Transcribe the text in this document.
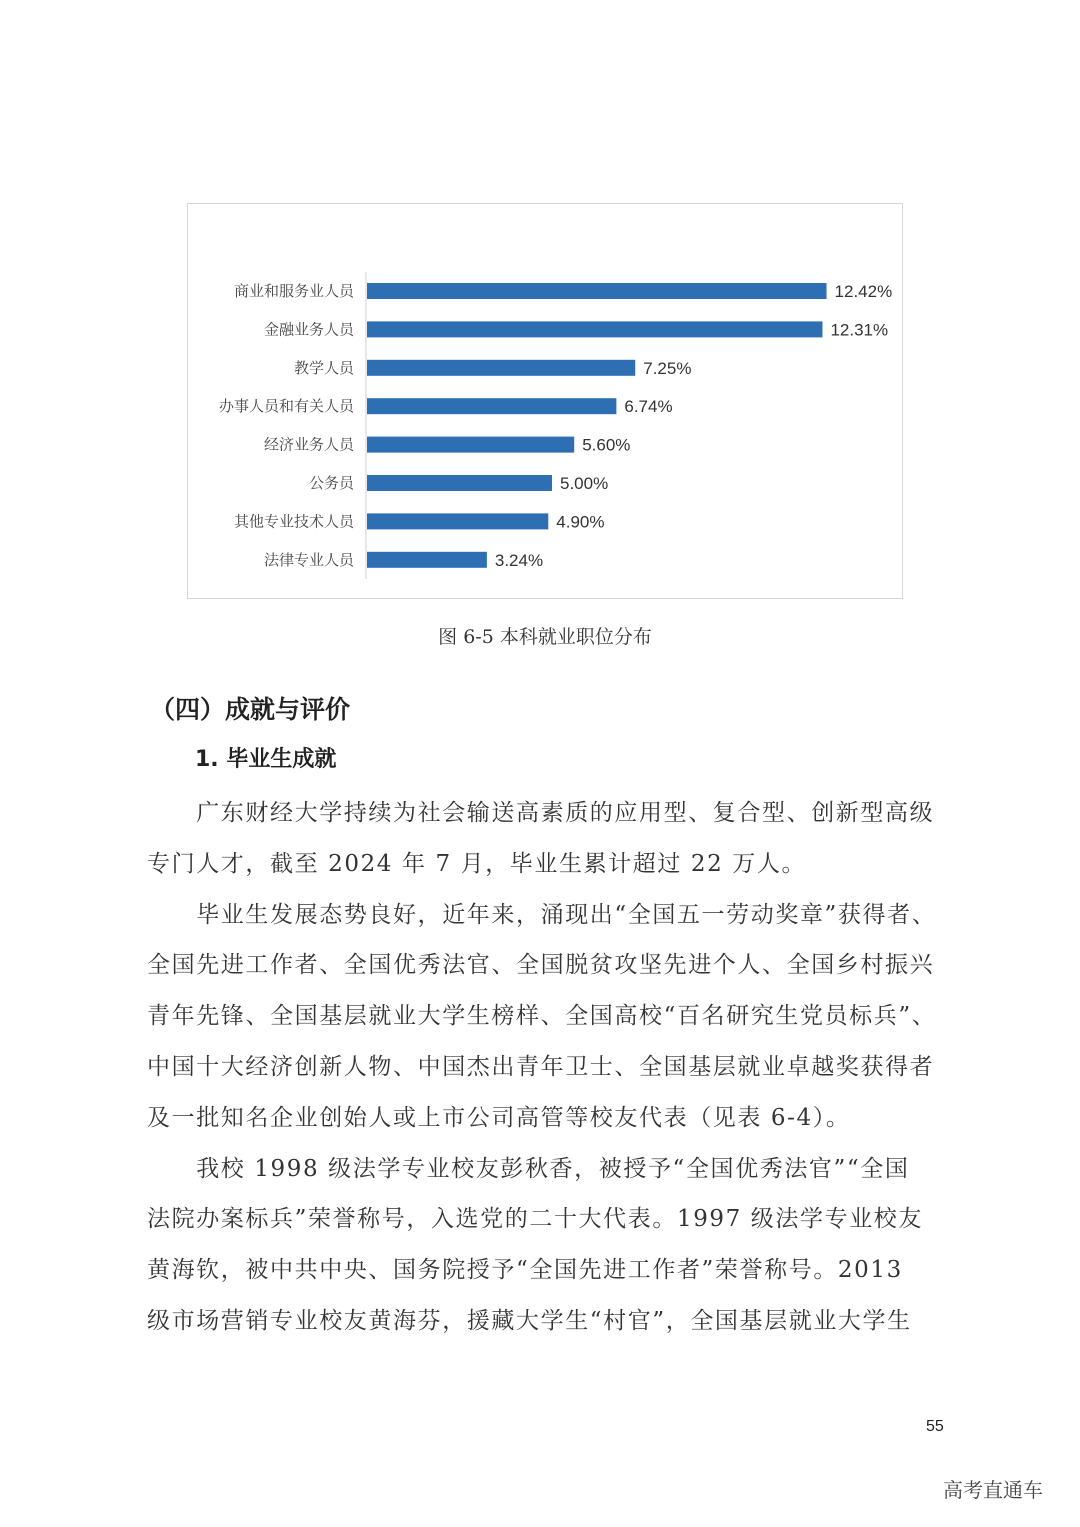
商业和服务业人员	12.42%
金融业务人员	12.31%
教学人员	7.25%
办事人员和有关人员	6.74%
经济业务人员	5.60%
公务员	5.00%
其他专业技术人员	4.90%
法律专业人员	3.24%
图 6-5 本科就业职位分布
（四）成就与评价
1. 毕业生成就
　　广东财经大学持续为社会输送高素质的应用型、复合型、创新型高级
专门人才，截至 2024 年 7 月，毕业生累计超过 22 万人。
　　毕业生发展态势良好，近年来，涌现出“全国五一劳动奖章”获得者、
全国先进工作者、全国优秀法官、全国脱贫攻坚先进个人、全国乡村振兴
青年先锋、全国基层就业大学生榜样、全国高校“百名研究生党员标兵”、
中国十大经济创新人物、中国杰出青年卫士、全国基层就业卓越奖获得者
及一批知名企业创始人或上市公司高管等校友代表（见表 6-4）。
　　我校 1998 级法学专业校友彭秋香，被授予“全国优秀法官”“全国
法院办案标兵”荣誉称号，入选党的二十大代表。1997 级法学专业校友
黄海钦，被中共中央、国务院授予“全国先进工作者”荣誉称号。2013
级市场营销专业校友黄海芬，援藏大学生“村官”，全国基层就业大学生
55
高考直通车
